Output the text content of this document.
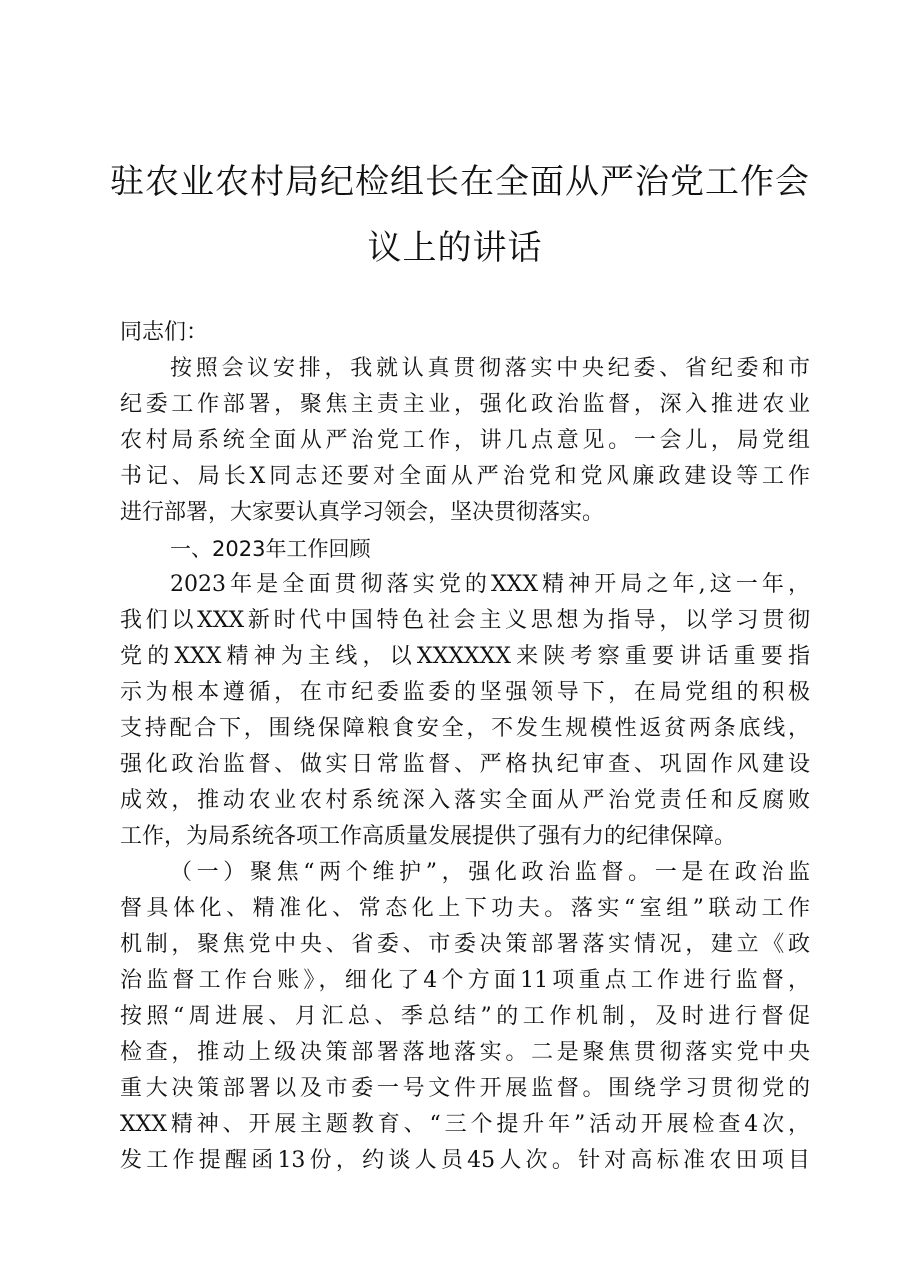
驻农业农村局纪检组长在全面从严治党工作会
议上的讲话
同志们：
按照会议安排，我就认真贯彻落实中央纪委、省纪委和市
纪委工作部署，聚焦主责主业，强化政治监督，深入推进农业
农村局系统全面从严治党工作，讲几点意见。一会儿，局党组
书记、局长X同志还要对全面从严治党和党风廉政建设等工作
进行部署，大家要认真学习领会，坚决贯彻落实。
一、2023年工作回顾
2023年是全面贯彻落实党的XXX精神开局之年,这一年，
我们以XXX新时代中国特色社会主义思想为指导，以学习贯彻
党的XXX精神为主线，以XXXXXX来陕考察重要讲话重要指
示为根本遵循，在市纪委监委的坚强领导下，在局党组的积极
支持配合下，围绕保障粮食安全，不发生规模性返贫两条底线，
强化政治监督、做实日常监督、严格执纪审查、巩固作风建设
成效，推动农业农村系统深入落实全面从严治党责任和反腐败
工作，为局系统各项工作高质量发展提供了强有力的纪律保障。
（一）聚焦“两个维护”，强化政治监督。一是在政治监
督具体化、精准化、常态化上下功夫。落实“室组”联动工作
机制，聚焦党中央、省委、市委决策部署落实情况，建立《政
治监督工作台账》，细化了4个方面11项重点工作进行监督，
按照“周进展、月汇总、季总结”的工作机制，及时进行督促
检查，推动上级决策部署落地落实。二是聚焦贯彻落实党中央
重大决策部署以及市委一号文件开展监督。围绕学习贯彻党的
XXX精神、开展主题教育、“三个提升年”活动开展检查4次，
发工作提醒函13份，约谈人员45人次。针对高标准农田项目
